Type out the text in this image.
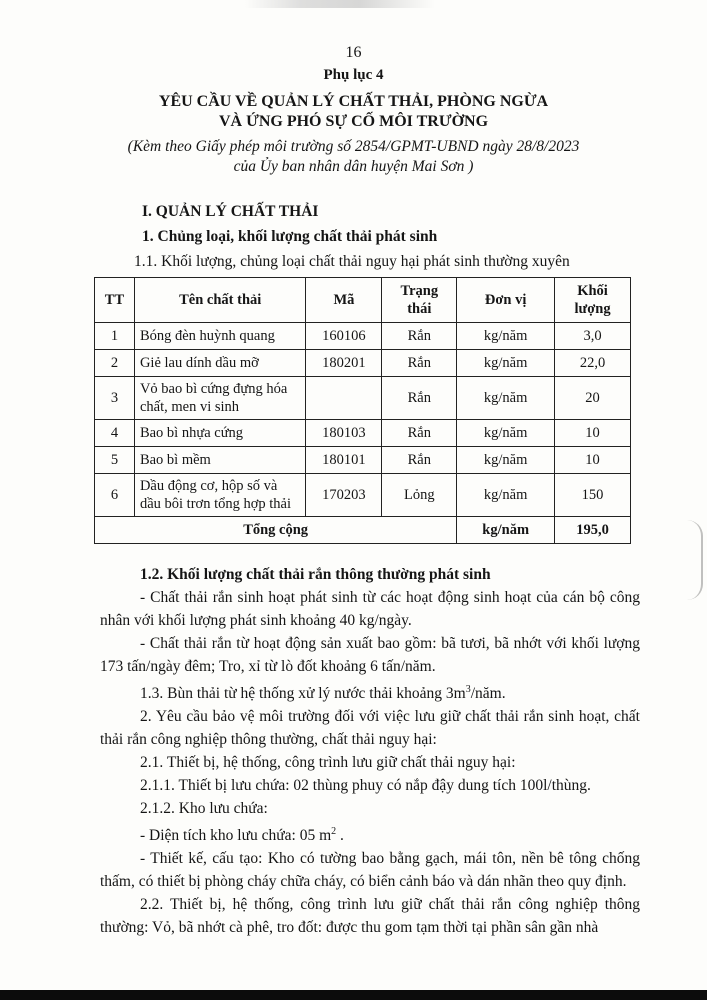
16
Phụ lục 4
YÊU CẦU VỀ QUẢN LÝ CHẤT THẢI, PHÒNG NGỪA
VÀ ỨNG PHÓ SỰ CỐ MÔI TRƯỜNG
(Kèm theo Giấy phép môi trường số 2854/GPMT-UBND ngày 28/8/2023
của Ủy ban nhân dân huyện Mai Sơn )
I. QUẢN LÝ CHẤT THẢI
1. Chủng loại, khối lượng chất thải phát sinh
1.1. Khối lượng, chủng loại chất thải nguy hại phát sinh thường xuyên
TT	Tên chất thải	Mã	Trạng thái	Đơn vị	Khối lượng
1	Bóng đèn huỳnh quang	160106	Rắn	kg/năm	3,0
2	Giẻ lau dính dầu mỡ	180201	Rắn	kg/năm	22,0
3	Vỏ bao bì cứng đựng hóa chất, men vi sinh		Rắn	kg/năm	20
4	Bao bì nhựa cứng	180103	Rắn	kg/năm	10
5	Bao bì mềm	180101	Rắn	kg/năm	10
6	Dầu động cơ, hộp số và dầu bôi trơn tổng hợp thải	170203	Lỏng	kg/năm	150
Tổng cộng				kg/năm	195,0
1.2. Khối lượng chất thải rắn thông thường phát sinh
- Chất thải rắn sinh hoạt phát sinh từ các hoạt động sinh hoạt của cán bộ công nhân với khối lượng phát sinh khoảng 40 kg/ngày.
- Chất thải rắn từ hoạt động sản xuất bao gồm: bã tươi, bã nhớt với khối lượng 173 tấn/ngày đêm; Tro, xỉ từ lò đốt khoảng 6 tấn/năm.
1.3. Bùn thải từ hệ thống xử lý nước thải khoảng $3m^3$/năm.
2. Yêu cầu bảo vệ môi trường đối với việc lưu giữ chất thải rắn sinh hoạt, chất thải rắn công nghiệp thông thường, chất thải nguy hại:
2.1. Thiết bị, hệ thống, công trình lưu giữ chất thải nguy hại:
2.1.1. Thiết bị lưu chứa: 02 thùng phuy có nắp đậy dung tích 100l/thùng.
2.1.2. Kho lưu chứa:
- Diện tích kho lưu chứa: 05 $m^2$ .
- Thiết kế, cấu tạo: Kho có tường bao bằng gạch, mái tôn, nền bê tông chống thấm, có thiết bị phòng cháy chữa cháy, có biển cảnh báo và dán nhãn theo quy định.
2.2. Thiết bị, hệ thống, công trình lưu giữ chất thải rắn công nghiệp thông thường: Vỏ, bã nhớt cà phê, tro đốt: được thu gom tạm thời tại phần sân gần nhà
